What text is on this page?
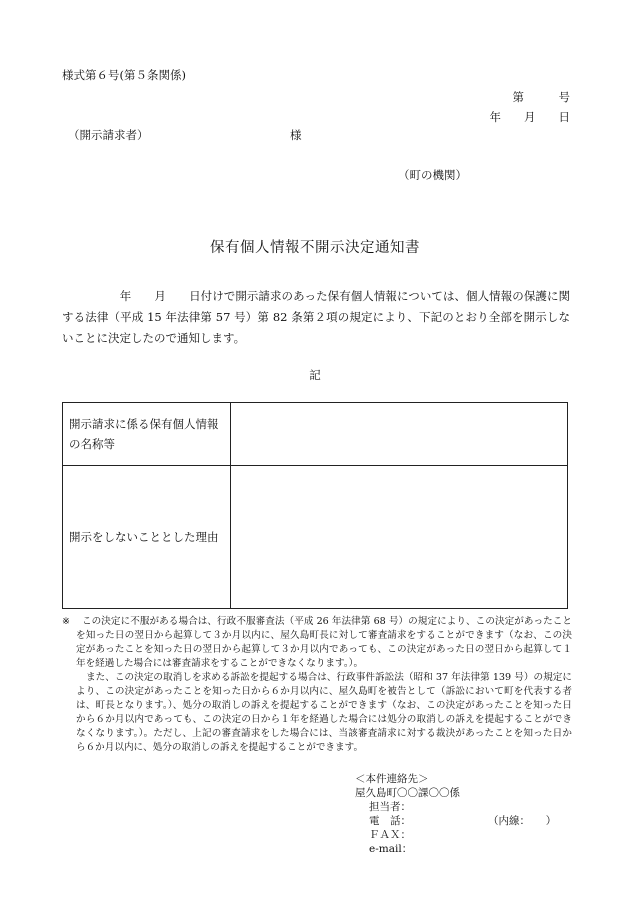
様式第６号(第５条関係)
第　　　号
年　　月　　日
（開示請求者）	様
（町の機関）
保有個人情報不開示決定通知書

　　　　　年　　月　　日付けで開示請求のあった保有個人情報については、個人情報の保護に関する法律（平成 15 年法律第 57 号）第 82 条第２項の規定により、下記のとおり全部を開示しないことに決定したので通知します。

記
開示請求に係る保有個人情報の名称等	
開示をしないこととした理由	
※	この決定に不服がある場合は、行政不服審査法（平成 26 年法律第 68 号）の規定により、この決定があったことを知った日の翌日から起算して３か月以内に、屋久島町長に対して審査請求をすることができます（なお、この決定があったことを知った日の翌日から起算して３か月以内であっても、この決定があった日の翌日から起算して１年を経過した場合には審査請求をすることができなくなります。）。

また、この決定の取消しを求める訴訟を提起する場合は、行政事件訴訟法（昭和 37 年法律第 139 号）の規定により、この決定があったことを知った日から６か月以内に、屋久島町を被告として（訴訟において町を代表する者は、町長となります。）、処分の取消しの訴えを提起することができます（なお、この決定があったことを知った日から６か月以内であっても、この決定の日から１年を経過した場合には処分の取消しの訴えを提起することができなくなります。）。ただし、上記の審査請求をした場合には、当該審査請求に対する裁決があったことを知った日から６か月以内に、処分の取消しの訴えを提起することができます。

＜本件連絡先＞
屋久島町〇〇課〇〇係
担当者：
電　話：	（内線：　　）
ＦＡＸ：
e-mail：
